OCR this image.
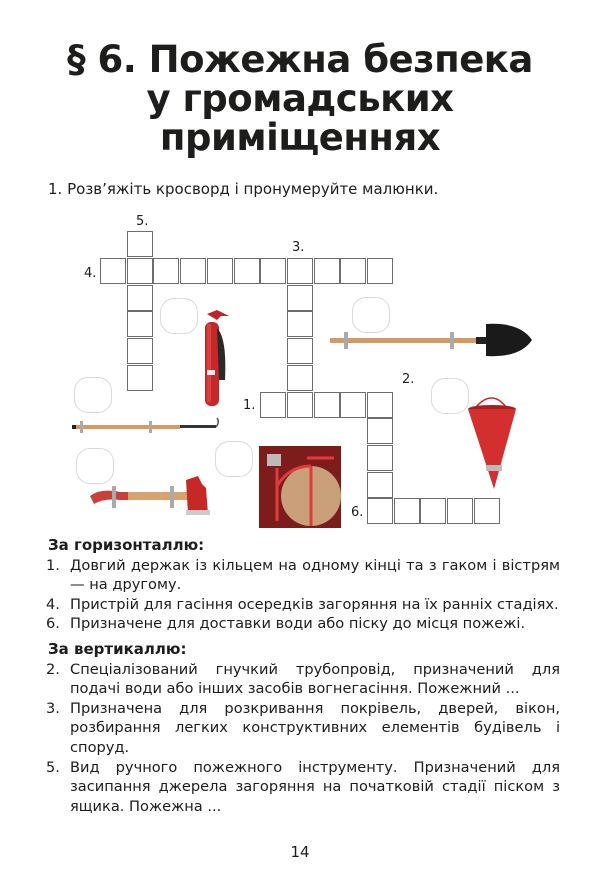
§ 6. Пожежна безпека
у громадських
приміщеннях
1. Розв’яжіть кросворд і пронумеруйте малюнки.
5.
3.
4.
1.
2.
6.
За горизонталлю:
1. Довгий держак із кільцем на одному кінці та з гаком і вістрям — на другому.
4. Пристрій для гасіння осередків загоряння на їх ранніх стадіях.
6. Призначене для доставки води або піску до місця пожежі.
За вертикаллю:
2. Спеціалізований гнучкий трубопровід, призначений для подачі води або інших засобів вогнегасіння. Пожежний ...
3. Призначена для розкривання покрівель, дверей, вікон, розбирання легких конструктивних елементів будівель і споруд.
5. Вид ручного пожежного інструменту. Призначений для засипання джерела загоряння на початковій стадії піском з ящика. Пожежна ...
14
